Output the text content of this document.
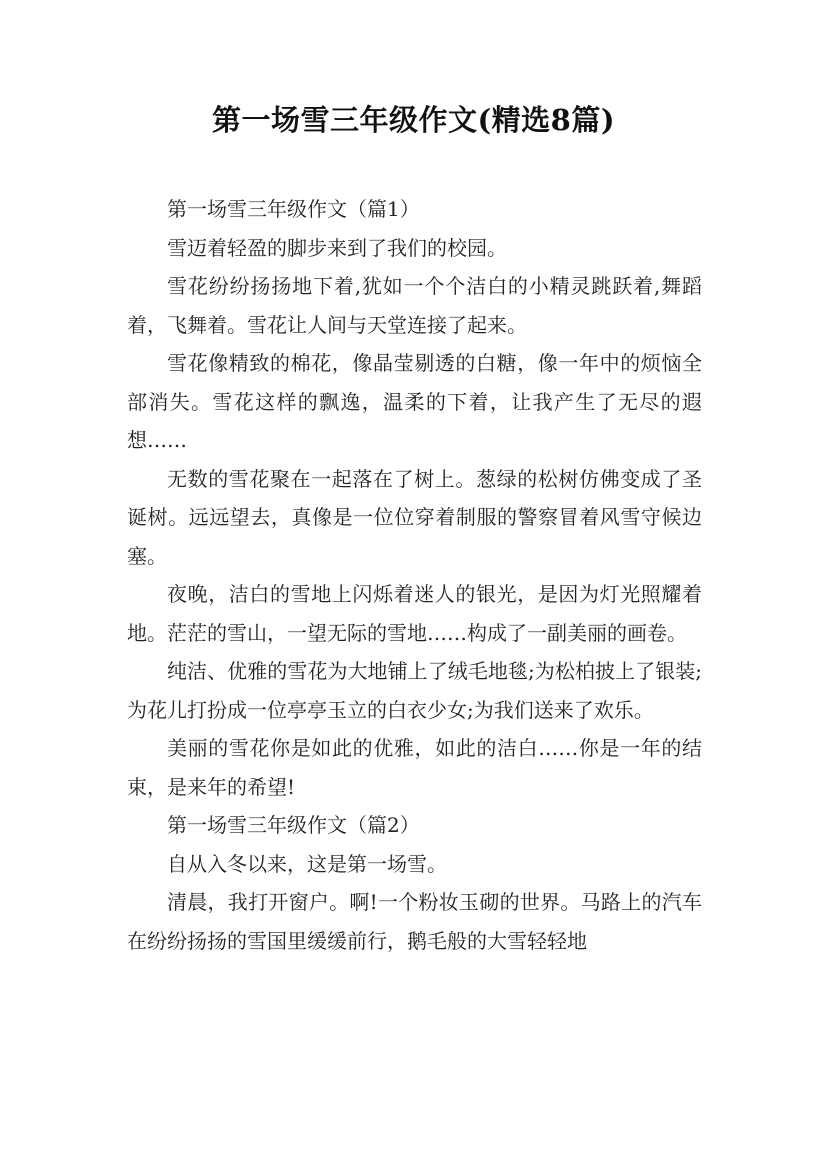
第一场雪三年级作文(精选8篇)

第一场雪三年级作文（篇1）

雪迈着轻盈的脚步来到了我们的校园。

雪花纷纷扬扬地下着,犹如一个个洁白的小精灵跳跃着,舞蹈着，飞舞着。雪花让人间与天堂连接了起来。

雪花像精致的棉花，像晶莹剔透的白糖，像一年中的烦恼全部消失。雪花这样的飘逸，温柔的下着，让我产生了无尽的遐想……

无数的雪花聚在一起落在了树上。葱绿的松树仿佛变成了圣诞树。远远望去，真像是一位位穿着制服的警察冒着风雪守候边塞。

夜晚，洁白的雪地上闪烁着迷人的银光，是因为灯光照耀着地。茫茫的雪山，一望无际的雪地……构成了一副美丽的画卷。

纯洁、优雅的雪花为大地铺上了绒毛地毯;为松柏披上了银装;为花儿打扮成一位亭亭玉立的白衣少女;为我们送来了欢乐。

美丽的雪花你是如此的优雅，如此的洁白……你是一年的结束，是来年的希望!

第一场雪三年级作文（篇2）

自从入冬以来，这是第一场雪。

清晨，我打开窗户。啊!一个粉妆玉砌的世界。马路上的汽车在纷纷扬扬的雪国里缓缓前行，鹅毛般的大雪轻轻地
